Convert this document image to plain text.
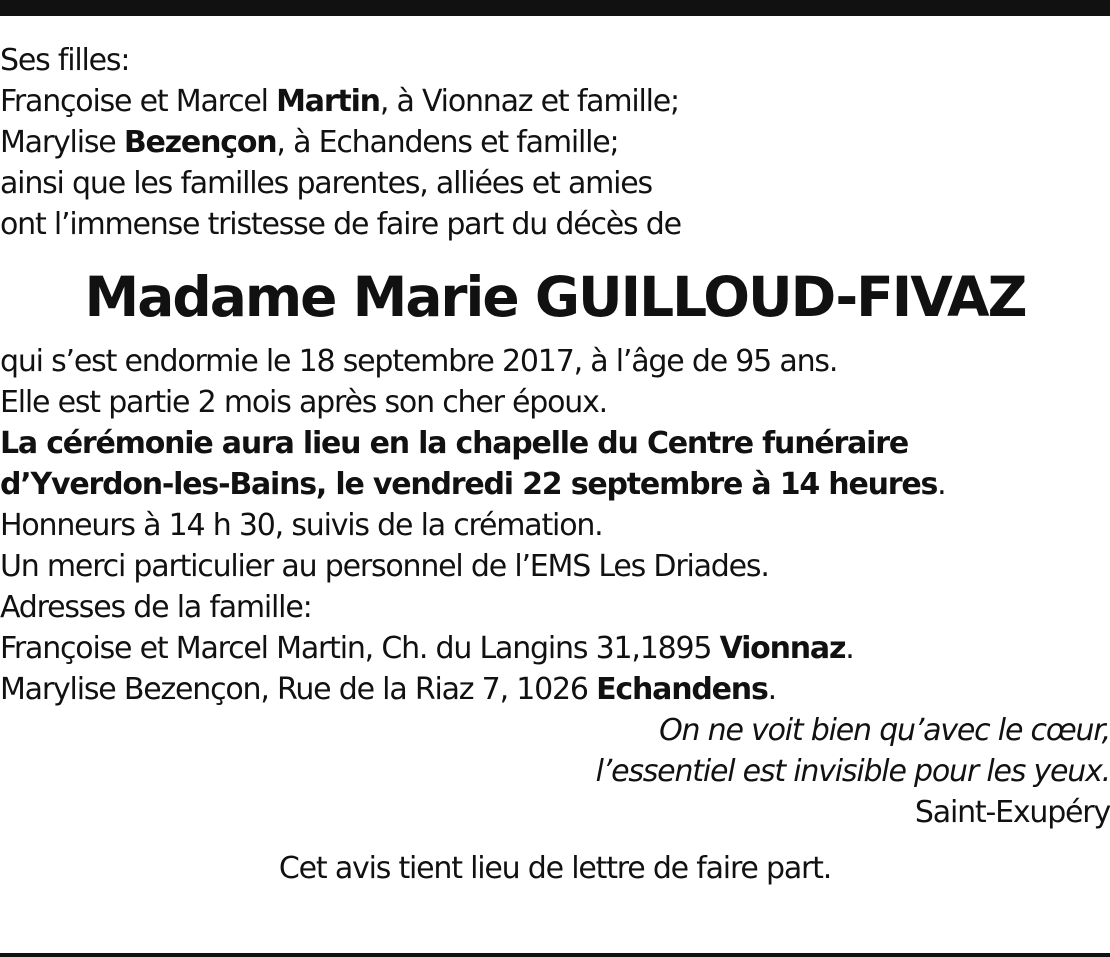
Ses filles:
Françoise et Marcel Martin, à Vionnaz et famille;
Marylise Bezençon, à Echandens et famille;
ainsi que les familles parentes, alliées et amies
ont l’immense tristesse de faire part du décès de
Madame Marie GUILLOUD-FIVAZ
qui s’est endormie le 18 septembre 2017, à l’âge de 95 ans.
Elle est partie 2 mois après son cher époux.
La cérémonie aura lieu en la chapelle du Centre funéraire
d’Yverdon-les-Bains, le vendredi 22 septembre à 14 heures.
Honneurs à 14 h 30, suivis de la crémation.
Un merci particulier au personnel de l’EMS Les Driades.
Adresses de la famille:
Françoise et Marcel Martin, Ch. du Langins 31,1895 Vionnaz.
Marylise Bezençon, Rue de la Riaz 7, 1026 Echandens.
On ne voit bien qu’avec le cœur,
l’essentiel est invisible pour les yeux.
Saint-Exupéry
Cet avis tient lieu de lettre de faire part.
